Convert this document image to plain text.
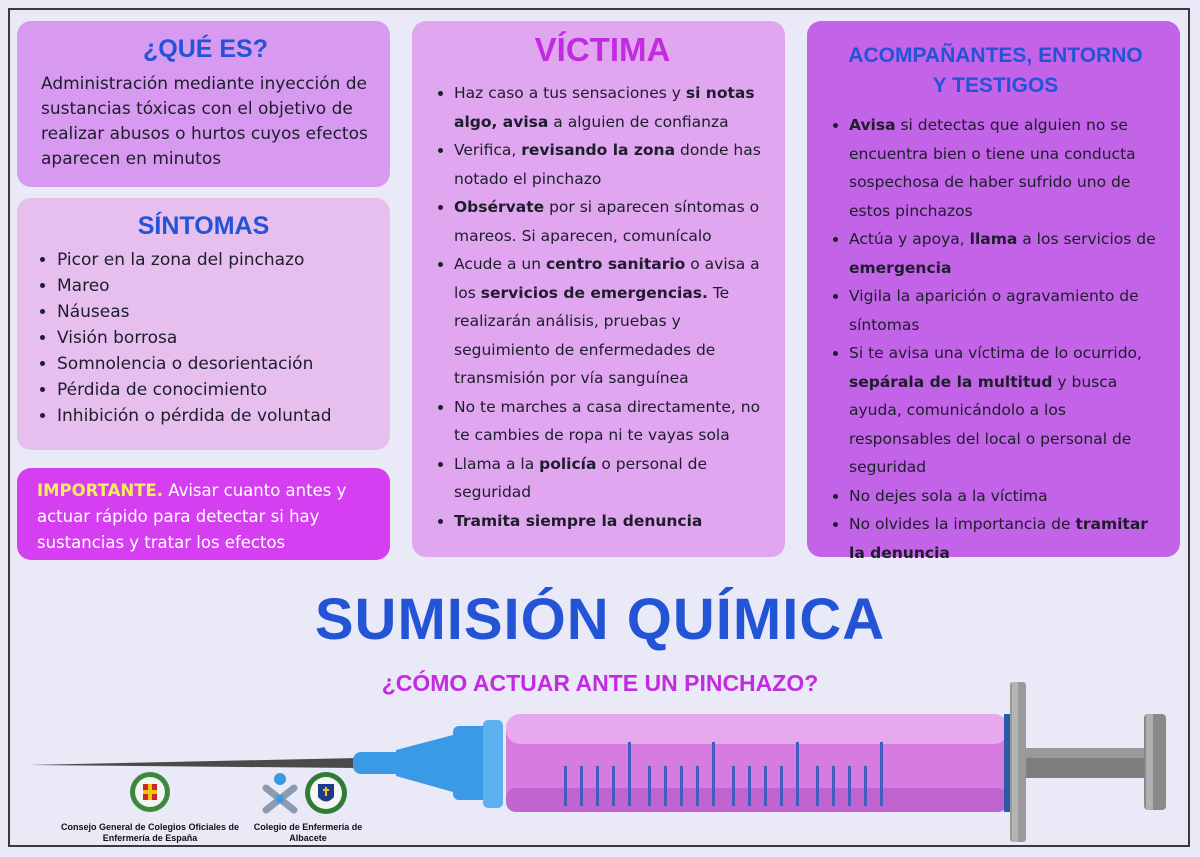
¿QUÉ ES?
Administración mediante inyección de sustancias tóxicas con el objetivo de realizar abusos o hurtos cuyos efectos aparecen en minutos
SÍNTOMAS
• Picor en la zona del pinchazo
• Mareo
• Náuseas
• Visión borrosa
• Somnolencia o desorientación
• Pérdida de conocimiento
• Inhibición o pérdida de voluntad
IMPORTANTE. Avisar cuanto antes y actuar rápido para detectar si hay sustancias y tratar los efectos
VÍCTIMA
• Haz caso a tus sensaciones y si notas algo, avisa a alguien de confianza
• Verifica, revisando la zona donde has notado el pinchazo
• Obsérvate por si aparecen síntomas o mareos. Si aparecen, comunícalo
• Acude a un centro sanitario o avisa a los servicios de emergencias. Te realizarán análisis, pruebas y seguimiento de enfermedades de transmisión por vía sanguínea
• No te marches a casa directamente, no te cambies de ropa ni te vayas sola
• Llama a la policía o personal de seguridad
• Tramita siempre la denuncia
ACOMPAÑANTES, ENTORNO
Y TESTIGOS
• Avisa si detectas que alguien no se encuentra bien o tiene una conducta sospechosa de haber sufrido uno de estos pinchazos
• Actúa y apoya, llama a los servicios de emergencia
• Vigila la aparición o agravamiento de síntomas
• Si te avisa una víctima de lo ocurrido, sepárala de la multitud y busca ayuda, comunicándolo a los responsables del local o personal de seguridad
• No dejes sola a la víctima
• No olvides la importancia de tramitar la denuncia
SUMISIÓN QUÍMICA
¿CÓMO ACTUAR ANTE UN PINCHAZO?
Consejo General de Colegios Oficiales de Enfermería de España
Colegio de Enfermería de Albacete
